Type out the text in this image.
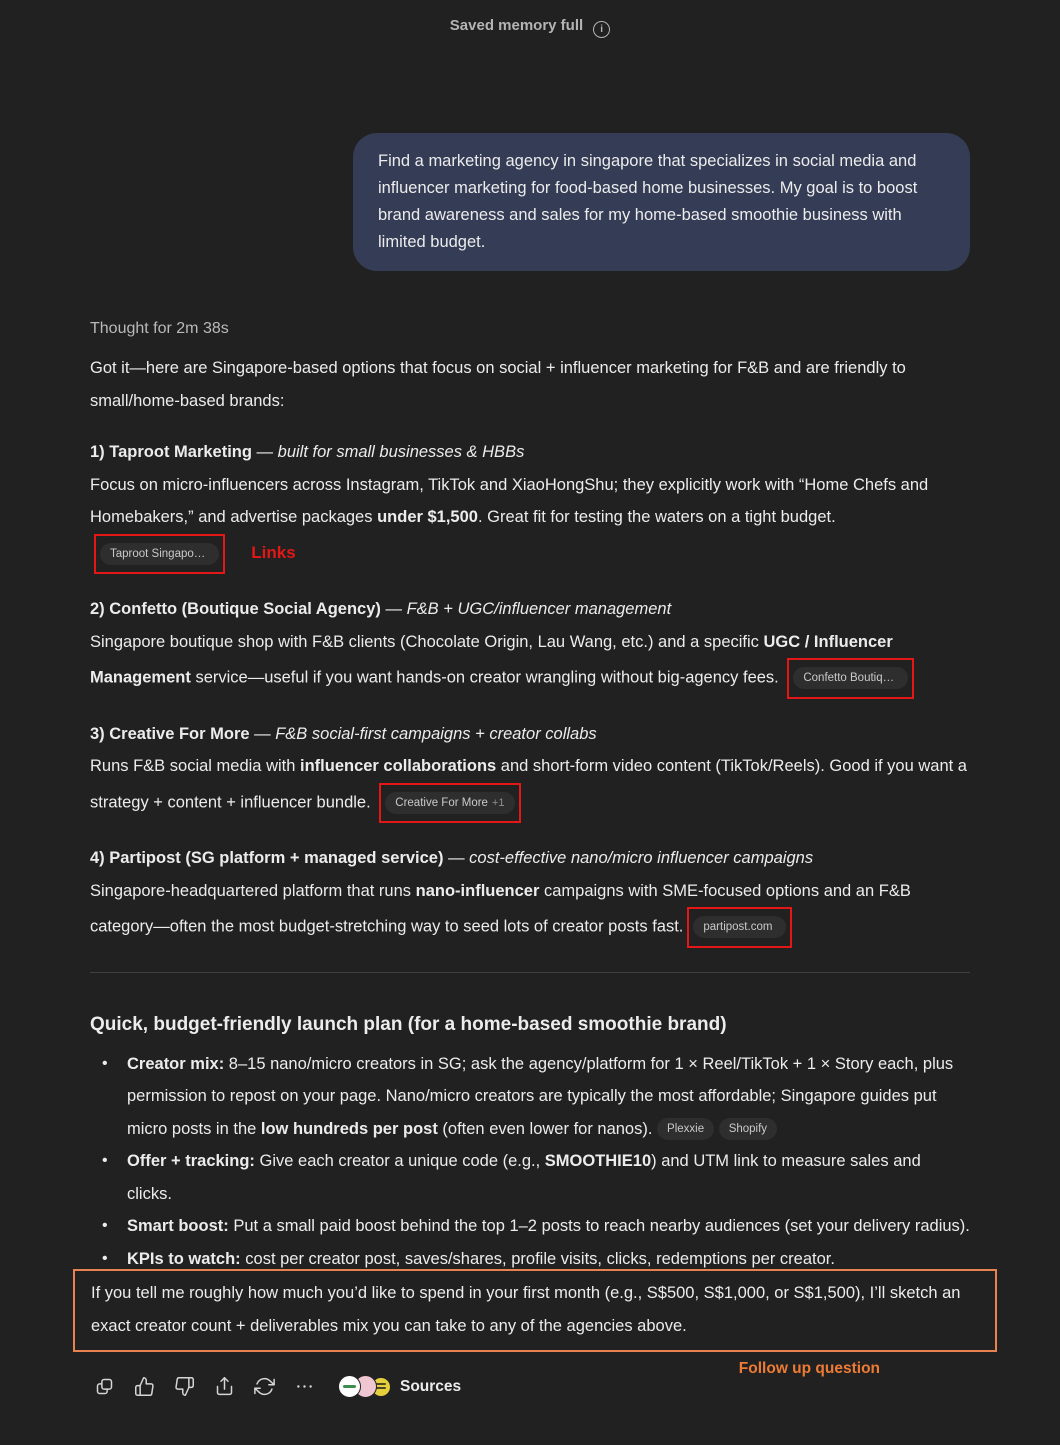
Saved memory full i
Find a marketing agency in singapore that specializes in social media and influencer marketing for food-based home businesses. My goal is to boost brand awareness and sales for my home-based smoothie business with limited budget.
Thought for 2m 38s
Got it—here are Singapore-based options that focus on social + influencer marketing for F&B and are friendly to small/home-based brands:
1) Taproot Marketing — built for small businesses & HBBs
Focus on micro-influencers across Instagram, TikTok and XiaoHongShu; they explicitly work with “Home Chefs and Homebakers,” and advertise packages under $1,500. Great fit for testing the waters on a tight budget. Taproot Singapo…	Links
2) Confetto (Boutique Social Agency) — F&B + UGC/influencer management
Singapore boutique shop with F&B clients (Chocolate Origin, Lau Wang, etc.) and a specific UGC / Influencer Management service—useful if you want hands-on creator wrangling without big-agency fees. Confetto Boutiq…
3) Creative For More — F&B social-first campaigns + creator collabs
Runs F&B social media with influencer collaborations and short-form video content (TikTok/Reels). Good if you want a strategy + content + influencer bundle. Creative For More +1
4) Partipost (SG platform + managed service) — cost-effective nano/micro influencer campaigns
Singapore-headquartered platform that runs nano-influencer campaigns with SME-focused options and an F&B category—often the most budget-stretching way to seed lots of creator posts fast. partipost.com
Quick, budget-friendly launch plan (for a home-based smoothie brand)
• Creator mix: 8–15 nano/micro creators in SG; ask the agency/platform for 1 × Reel/TikTok + 1 × Story each, plus permission to repost on your page. Nano/micro creators are typically the most affordable; Singapore guides put micro posts in the low hundreds per post (often even lower for nanos). Plexxie Shopify
• Offer + tracking: Give each creator a unique code (e.g., SMOOTHIE10) and UTM link to measure sales and clicks.
• Smart boost: Put a small paid boost behind the top 1–2 posts to reach nearby audiences (set your delivery radius).
• KPIs to watch: cost per creator post, saves/shares, profile visits, clicks, redemptions per creator.
If you tell me roughly how much you’d like to spend in your first month (e.g., S$500, S$1,000, or S$1,500), I’ll sketch an exact creator count + deliverables mix you can take to any of the agencies above.
Follow up question
Sources
